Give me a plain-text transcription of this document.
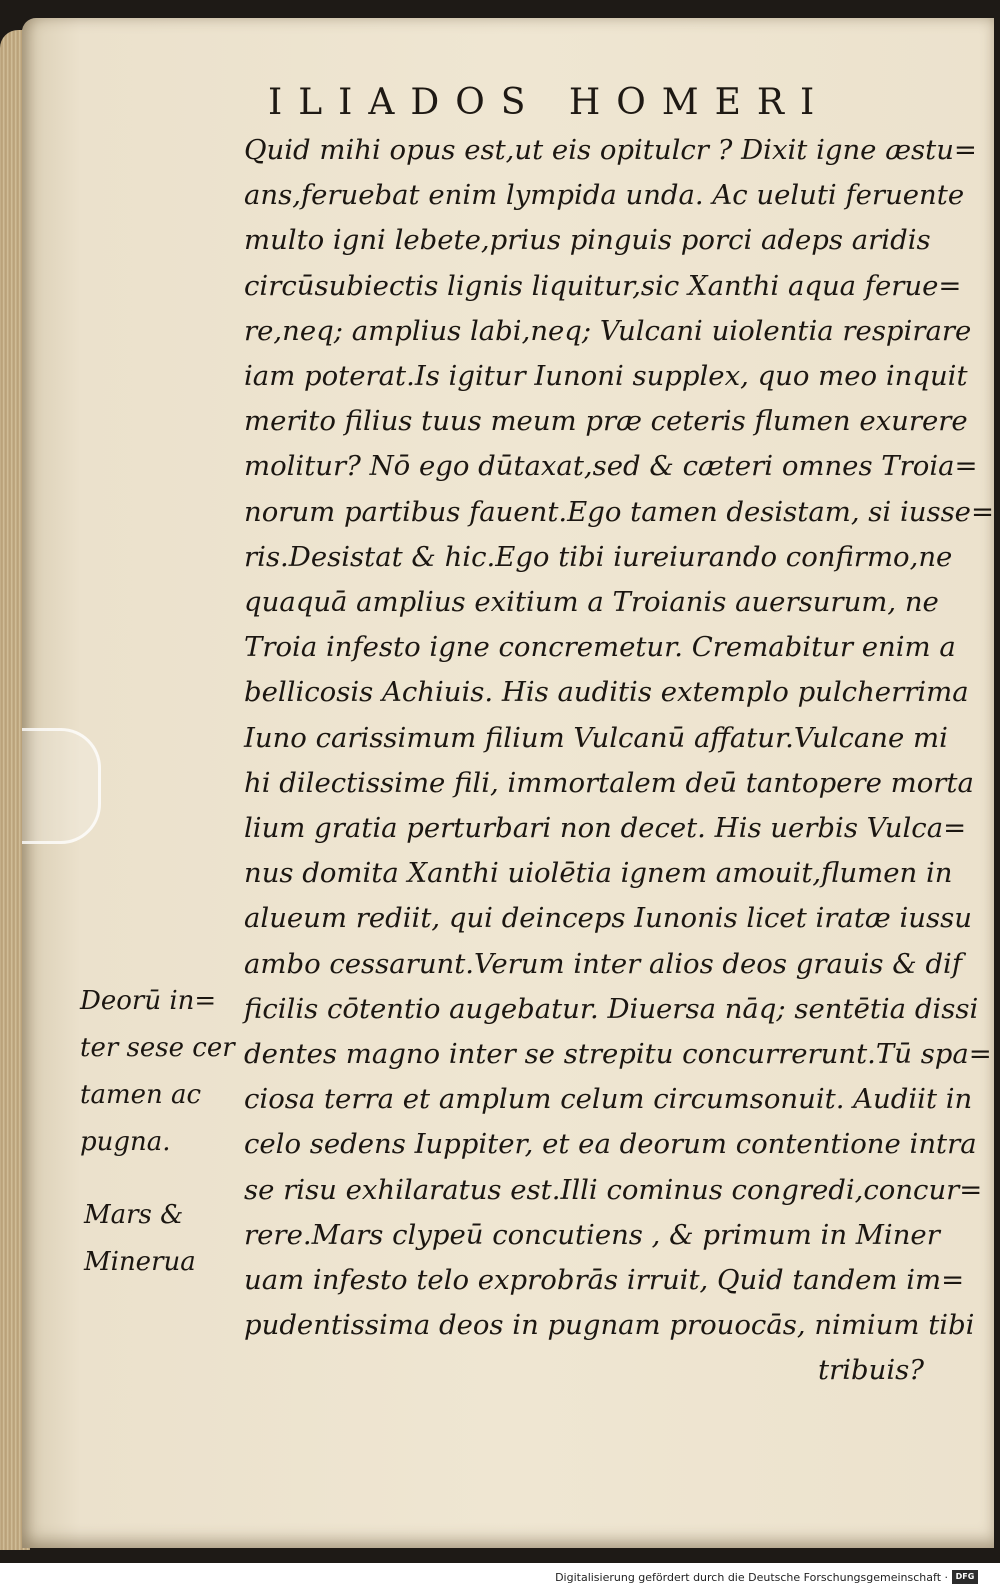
ILIADOS HOMERI
Quid mihi opus est,ut eis opitulcr ? Dixit igne æstu=
ans,feruebat enim lympida unda. Ac ueluti feruente
multo igni lebete,prius pinguis porci adeps aridis
circūsubiectis lignis liquitur,sic Xanthi aqua ferue=
re,neq; amplius labi,neq; Vulcani uiolentia respirare
iam poterat.Is igitur Iunoni supplex, quo meo inquit
merito filius tuus meum præ ceteris flumen exurere
molitur? Nō ego dūtaxat,sed & cæteri omnes Troia=
norum partibus fauent.Ego tamen desistam, si iusse=
ris.Desistat & hic.Ego tibi iureiurando confirmo,ne
quaquā amplius exitium a Troianis auersurum, ne
Troia infesto igne concremetur. Cremabitur enim a
bellicosis Achiuis. His auditis extemplo pulcherrima
Iuno carissimum filium Vulcanū affatur.Vulcane mi
hi dilectissime fili, immortalem deū tantopere morta
lium gratia perturbari non decet. His uerbis Vulca=
nus domita Xanthi uiolētia ignem amouit,flumen in
alueum rediit, qui deinceps Iunonis licet iratæ iussu
ambo cessarunt.Verum inter alios deos grauis & dif
ficilis cōtentio augebatur. Diuersa nāq; sentētia dissi
dentes magno inter se strepitu concurrerunt.Tū spa=
ciosa terra et amplum celum circumsonuit. Audiit in
celo sedens Iuppiter, et ea deorum contentione intra
se risu exhilaratus est.Illi cominus congredi,concur=
rere.Mars clypeū concutiens , & primum in Miner
uam infesto telo exprobrās irruit, Quid tandem im=
pudentissima deos in pugnam prouocās, nimium tibi
tribuis?
Deorū in=
ter sese cer
tamen ac
pugna.
Mars &
Minerua
Digitalisierung gefördert durch die Deutsche Forschungsgemeinschaft · DFG
